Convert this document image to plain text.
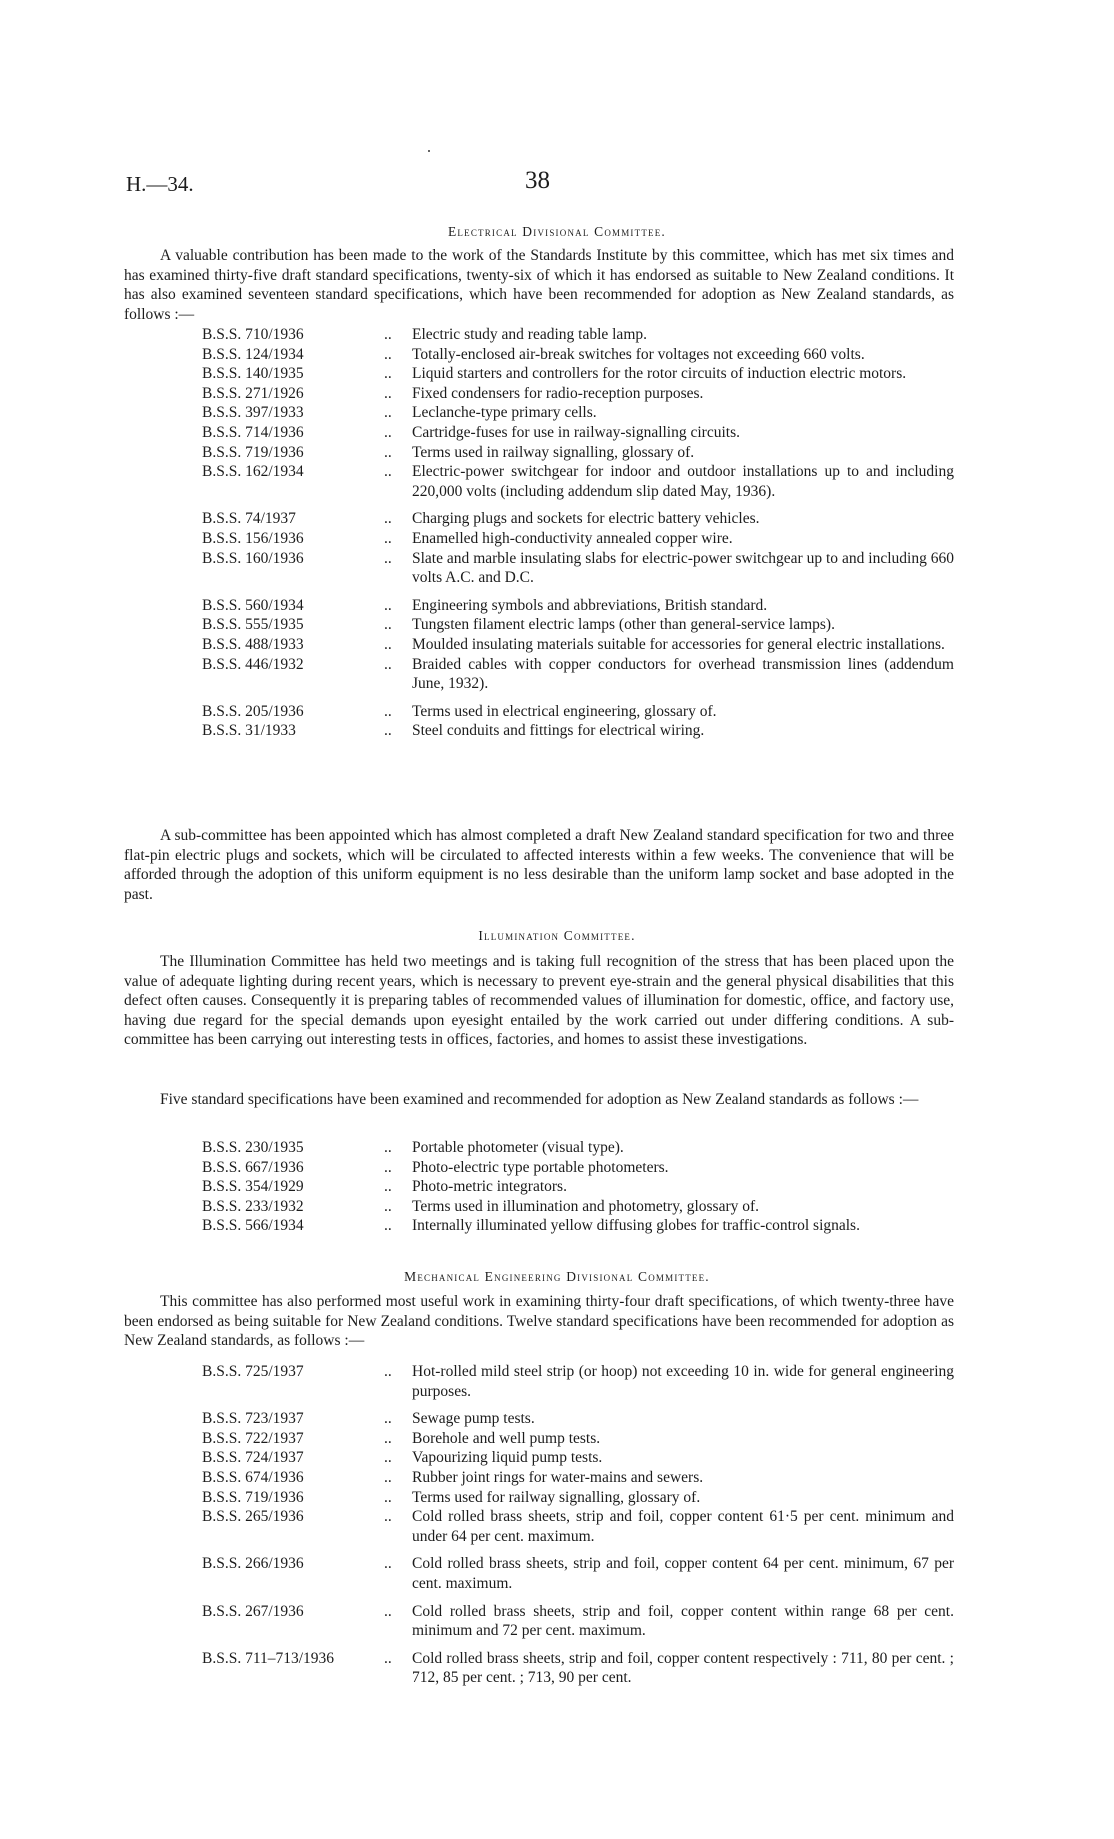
H.—34.	38
Electrical Divisional Committee.

A valuable contribution has been made to the work of the Standards Institute by this committee, which has met six times and has examined thirty-five draft standard specifications, twenty-six of which it has endorsed as suitable to New Zealand conditions. It has also examined seventeen standard specifications, which have been recommended for adoption as New Zealand standards, as follows :—

B.S.S. 710/1936	..	Electric study and reading table lamp.
B.S.S. 124/1934	..	Totally-enclosed air-break switches for voltages not exceeding 660 volts.
B.S.S. 140/1935	..	Liquid starters and controllers for the rotor circuits of induction electric motors.
B.S.S. 271/1926	..	Fixed condensers for radio-reception purposes.
B.S.S. 397/1933	..	Leclanche-type primary cells.
B.S.S. 714/1936	..	Cartridge-fuses for use in railway-signalling circuits.
B.S.S. 719/1936	..	Terms used in railway signalling, glossary of.
B.S.S. 162/1934	..	Electric-power switchgear for indoor and outdoor installations up to and including 220,000 volts (including addendum slip dated May, 1936).
B.S.S. 74/1937	..	Charging plugs and sockets for electric battery vehicles.
B.S.S. 156/1936	..	Enamelled high-conductivity annealed copper wire.
B.S.S. 160/1936	..	Slate and marble insulating slabs for electric-power switchgear up to and including 660 volts A.C. and D.C.
B.S.S. 560/1934	..	Engineering symbols and abbreviations, British standard.
B.S.S. 555/1935	..	Tungsten filament electric lamps (other than general-service lamps).
B.S.S. 488/1933	..	Moulded insulating materials suitable for accessories for general electric installations.
B.S.S. 446/1932	..	Braided cables with copper conductors for overhead transmission lines (addendum June, 1932).
B.S.S. 205/1936	..	Terms used in electrical engineering, glossary of.
B.S.S. 31/1933	..	Steel conduits and fittings for electrical wiring.

A sub-committee has been appointed which has almost completed a draft New Zealand standard specification for two and three flat-pin electric plugs and sockets, which will be circulated to affected interests within a few weeks. The convenience that will be afforded through the adoption of this uniform equipment is no less desirable than the uniform lamp socket and base adopted in the past.

Illumination Committee.

The Illumination Committee has held two meetings and is taking full recognition of the stress that has been placed upon the value of adequate lighting during recent years, which is necessary to prevent eye-strain and the general physical disabilities that this defect often causes. Consequently it is preparing tables of recommended values of illumination for domestic, office, and factory use, having due regard for the special demands upon eyesight entailed by the work carried out under differing conditions. A sub-committee has been carrying out interesting tests in offices, factories, and homes to assist these investigations.

Five standard specifications have been examined and recommended for adoption as New Zealand standards as follows :—

B.S.S. 230/1935	..	Portable photometer (visual type).
B.S.S. 667/1936	..	Photo-electric type portable photometers.
B.S.S. 354/1929	..	Photo-metric integrators.
B.S.S. 233/1932	..	Terms used in illumination and photometry, glossary of.
B.S.S. 566/1934	..	Internally illuminated yellow diffusing globes for traffic-control signals.
Mechanical Engineering Divisional Committee.

This committee has also performed most useful work in examining thirty-four draft specifications, of which twenty-three have been endorsed as being suitable for New Zealand conditions. Twelve standard specifications have been recommended for adoption as New Zealand standards, as follows :—

B.S.S. 725/1937	..	Hot-rolled mild steel strip (or hoop) not exceeding 10 in. wide for general engineering purposes.
B.S.S. 723/1937	..	Sewage pump tests.
B.S.S. 722/1937	..	Borehole and well pump tests.
B.S.S. 724/1937	..	Vapourizing liquid pump tests.
B.S.S. 674/1936	..	Rubber joint rings for water-mains and sewers.
B.S.S. 719/1936	..	Terms used for railway signalling, glossary of.
B.S.S. 265/1936	..	Cold rolled brass sheets, strip and foil, copper content 61·5 per cent. minimum and under 64 per cent. maximum.
B.S.S. 266/1936	..	Cold rolled brass sheets, strip and foil, copper content 64 per cent. minimum, 67 per cent. maximum.
B.S.S. 267/1936	..	Cold rolled brass sheets, strip and foil, copper content within range 68 per cent. minimum and 72 per cent. maximum.
B.S.S. 711–713/1936	..	Cold rolled brass sheets, strip and foil, copper content respectively : 711, 80 per cent. ; 712, 85 per cent. ; 713, 90 per cent.
